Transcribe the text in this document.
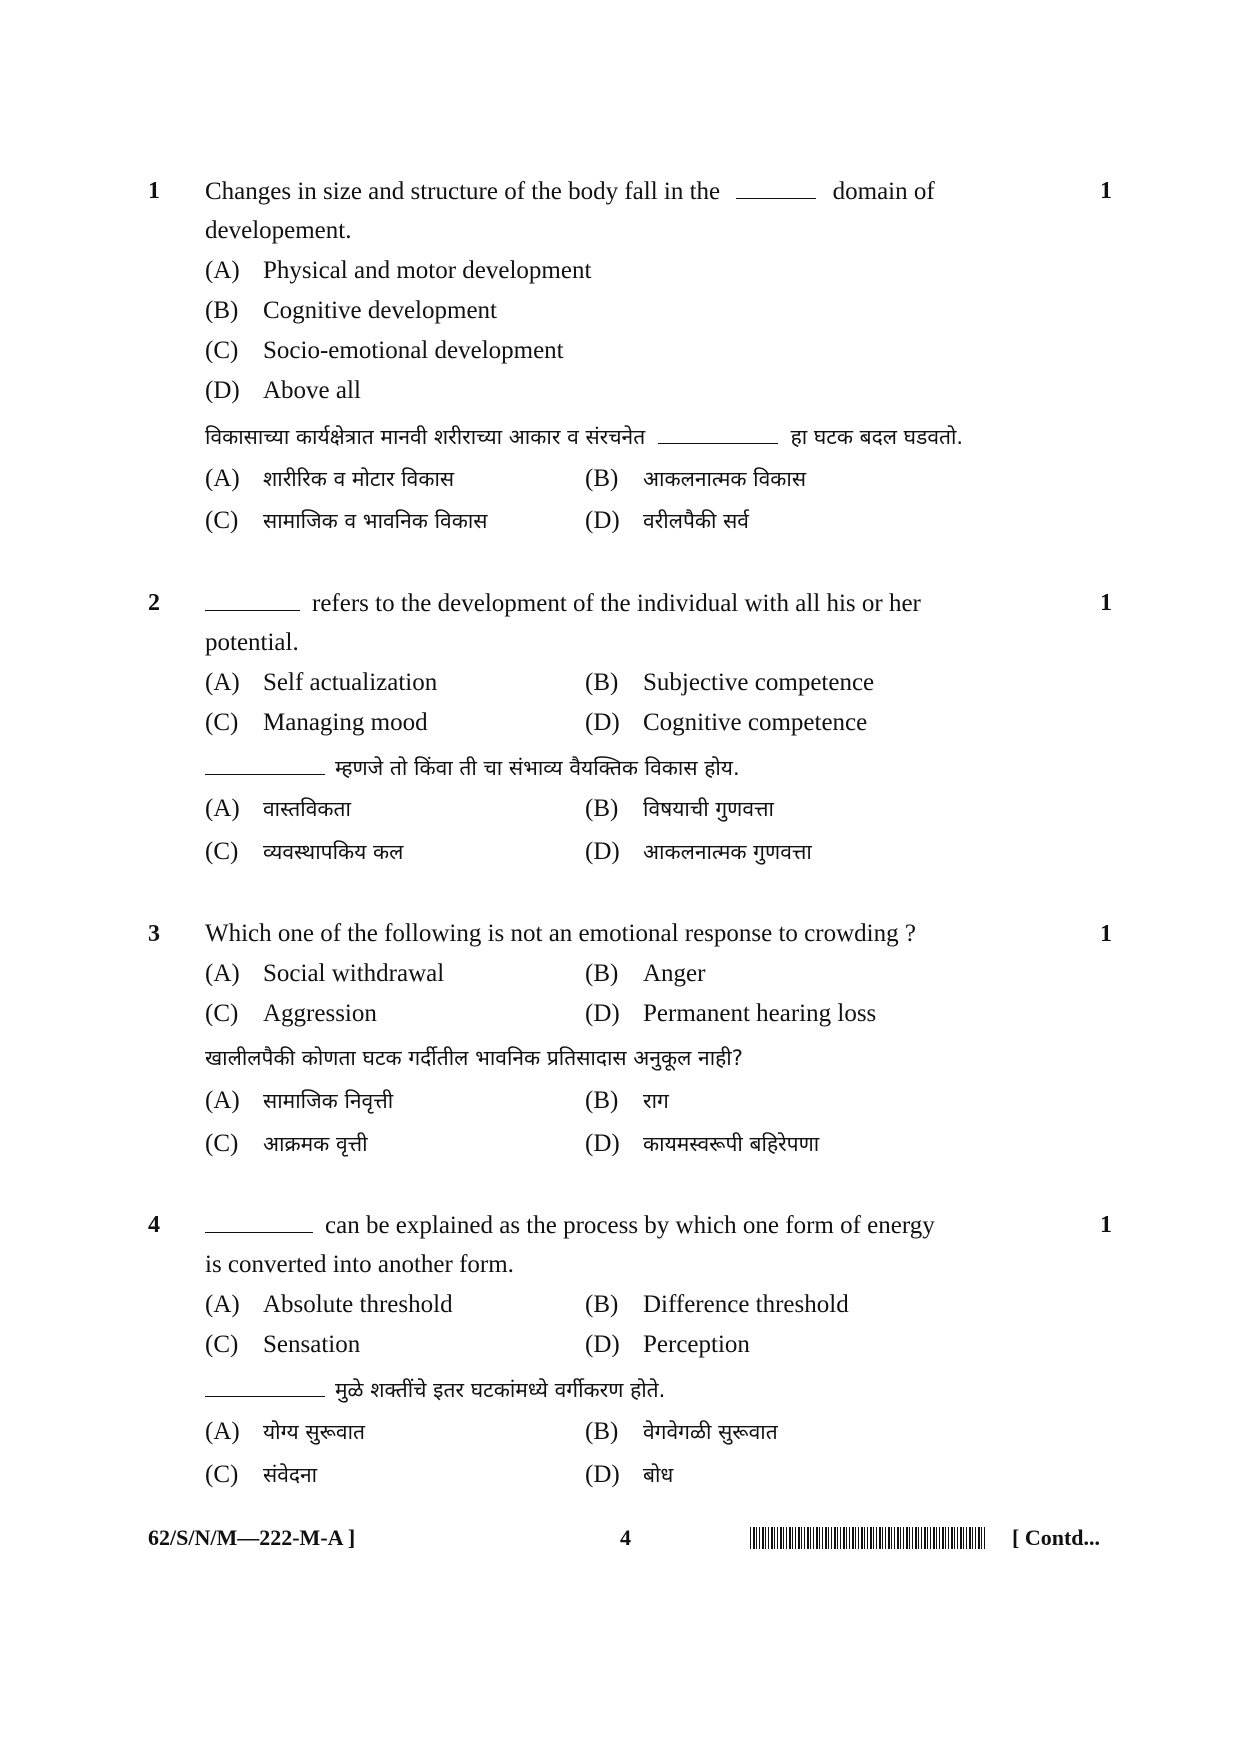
1	1
Changes in size and structure of the body fall in the	domain of
developement.
(A) Physical and motor development
(B) Cognitive development
(C) Socio-emotional development
(D) Above all
विकासाच्या कार्यक्षेत्रात मानवी शरीराच्या आकार व संरचनेत	हा घटक बदल घडवतो.
(A) शारीरिक व मोटार विकास	(B) आकलनात्मक विकास
(C) सामाजिक व भावनिक विकास	(D) वरीलपैकी सर्व
2	1
refers to the development of the individual with all his or her
potential.
(A) Self actualization	(B) Subjective competence
(C) Managing mood	(D) Cognitive competence
म्हणजे तो किंवा ती चा संभाव्य वैयक्तिक विकास होय.
(A) वास्तविकता	(B) विषयाची गुणवत्ता
(C) व्यवस्थापकिय कल	(D) आकलनात्मक गुणवत्ता
3	1
Which one of the following is not an emotional response to crowding ?
(A) Social withdrawal	(B) Anger
(C) Aggression	(D) Permanent hearing loss
खालीलपैकी कोणता घटक गर्दीतील भावनिक प्रतिसादास अनुकूल नाही?
(A) सामाजिक निवृत्ती	(B) राग
(C) आक्रमक वृत्ती	(D) कायमस्वरूपी बहिरेपणा
4	1
can be explained as the process by which one form of energy
is converted into another form.
(A) Absolute threshold	(B) Difference threshold
(C) Sensation	(D) Perception
मुळे शक्तींचे इतर घटकांमध्ये वर्गीकरण होते.
(A) योग्य सुरूवात	(B) वेगवेगळी सुरूवात
(C) संवेदना	(D) बोध
62/S/N/M—222-M-A ]	4	[ Contd...
